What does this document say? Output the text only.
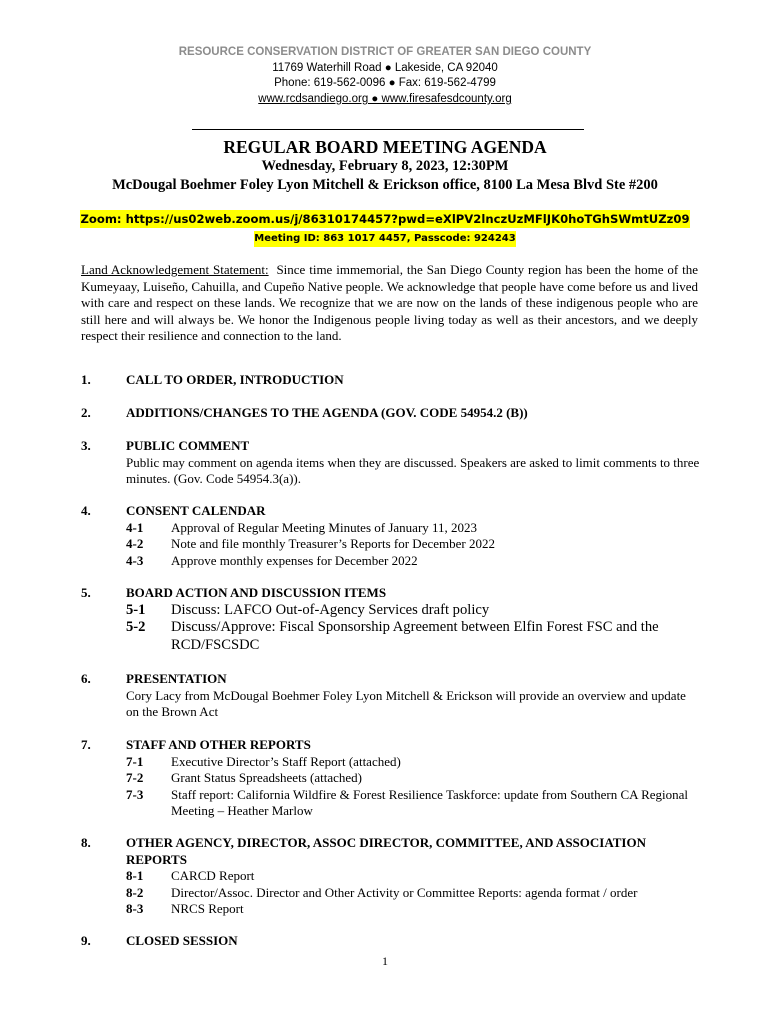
RESOURCE CONSERVATION DISTRICT OF GREATER SAN DIEGO COUNTY
11769 Waterhill Road ● Lakeside, CA 92040
Phone: 619-562-0096 ● Fax: 619-562-4799
www.rcdsandiego.org ● www.firesafesdcounty.org
REGULAR BOARD MEETING AGENDA
Wednesday, February 8, 2023, 12:30PM
McDougal Boehmer Foley Lyon Mitchell & Erickson office, 8100 La Mesa Blvd Ste #200
Zoom: https://us02web.zoom.us/j/86310174457?pwd=eXlPV2lnczUzMFlJK0hoTGhSWmtUZz09
Meeting ID: 863 1017 4457, Passcode: 924243
Land Acknowledgement Statement: Since time immemorial, the San Diego County region has been the home of the Kumeyaay, Luiseño, Cahuilla, and Cupeño Native people. We acknowledge that people have come before us and lived with care and respect on these lands. We recognize that we are now on the lands of these indigenous people who are still here and will always be. We honor the Indigenous people living today as well as their ancestors, and we deeply respect their resilience and connection to the land.
1.	CALL TO ORDER, INTRODUCTION
2.	ADDITIONS/CHANGES TO THE AGENDA (GOV. CODE 54954.2 (B))
3.	PUBLIC COMMENT
Public may comment on agenda items when they are discussed. Speakers are asked to limit comments to three minutes. (Gov. Code 54954.3(a)).
4.	CONSENT CALENDAR
4-1 Approval of Regular Meeting Minutes of January 11, 2023
4-2 Note and file monthly Treasurer’s Reports for December 2022
4-3 Approve monthly expenses for December 2022
5.	BOARD ACTION AND DISCUSSION ITEMS
5-1 Discuss: LAFCO Out-of-Agency Services draft policy
5-2 Discuss/Approve: Fiscal Sponsorship Agreement between Elfin Forest FSC and the RCD/FSCSDC
6.	PRESENTATION
Cory Lacy from McDougal Boehmer Foley Lyon Mitchell & Erickson will provide an overview and update on the Brown Act
7.	STAFF AND OTHER REPORTS
7-1 Executive Director’s Staff Report (attached)
7-2 Grant Status Spreadsheets (attached)
7-3 Staff report: California Wildfire & Forest Resilience Taskforce: update from Southern CA Regional Meeting – Heather Marlow
8.	OTHER AGENCY, DIRECTOR, ASSOC DIRECTOR, COMMITTEE, AND ASSOCIATION REPORTS
8-1 CARCD Report
8-2 Director/Assoc. Director and Other Activity or Committee Reports: agenda format / order
8-3 NRCS Report
9.	CLOSED SESSION
1
